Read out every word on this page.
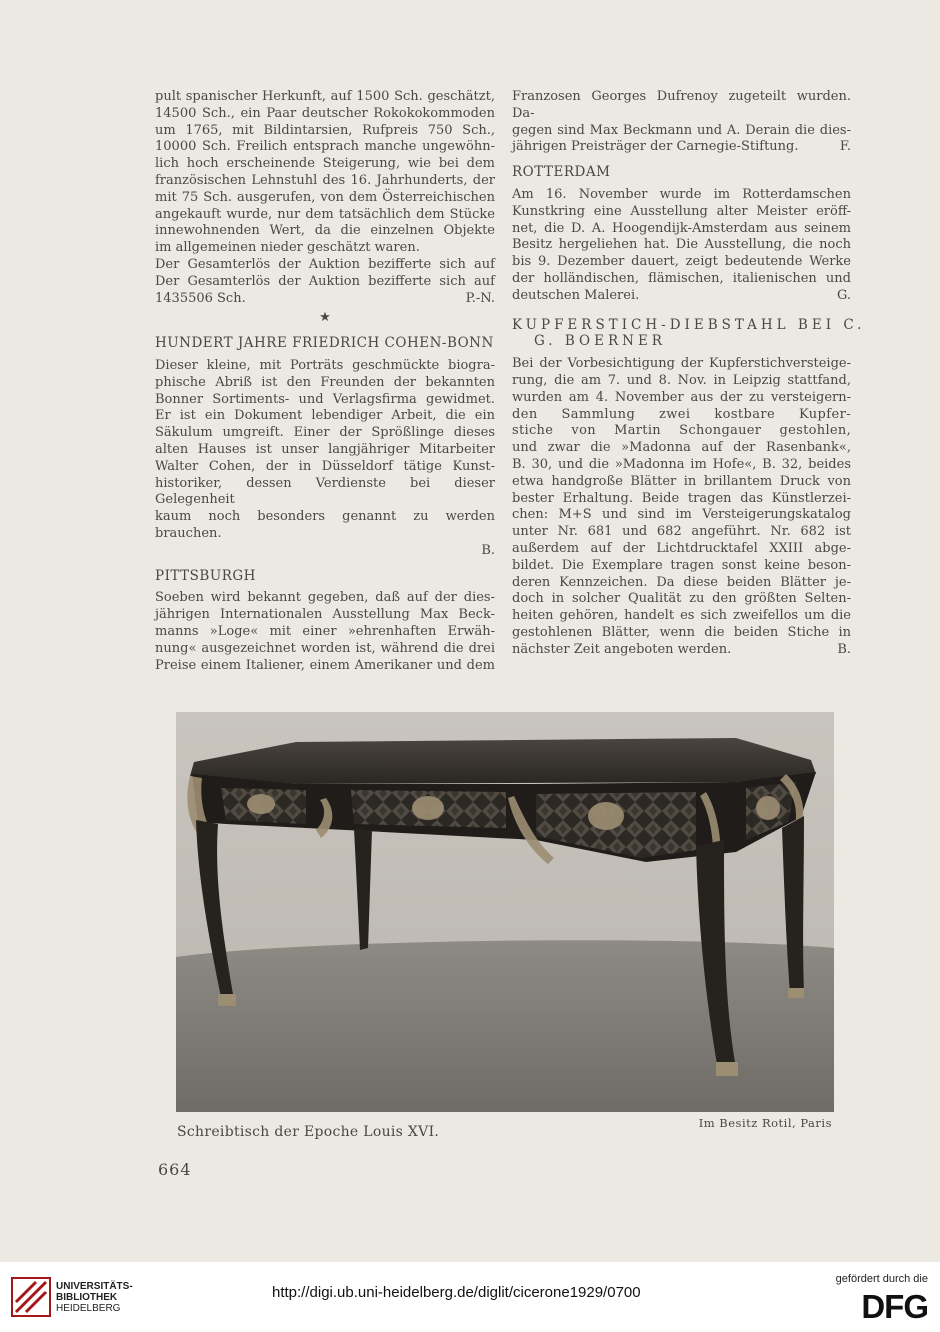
pult spanischer Herkunft, auf 1500 Sch. geschätzt,
14500 Sch., ein Paar deutscher Rokokokommoden
um 1765, mit Bildintarsien, Rufpreis 750 Sch.,
10000 Sch. Freilich entsprach manche ungewöhn-
lich hoch erscheinende Steigerung, wie bei dem
französischen Lehnstuhl des 16. Jahrhunderts, der
mit 75 Sch. ausgerufen, von dem Österreichischen
angekauft wurde, nur dem tatsächlich dem Stücke
innewohnenden Wert, da die einzelnen Objekte
im allgemeinen nieder geschätzt waren.
Der Gesamterlös der Auktion bezifferte sich auf
Der Gesamterlös der Auktion bezifferte sich auf
1435506 Sch.	P.-N.
★
HUNDERT JAHRE FRIEDRICH COHEN-BONN
Dieser kleine, mit Porträts geschmückte biogra-
phische Abriß ist den Freunden der bekannten
Bonner Sortiments- und Verlagsfirma gewidmet.
Er ist ein Dokument lebendiger Arbeit, die ein
Säkulum umgreift. Einer der Sprößlinge dieses
alten Hauses ist unser langjähriger Mitarbeiter
Walter Cohen, der in Düsseldorf tätige Kunst-
historiker, dessen Verdienste bei dieser Gelegenheit
kaum noch besonders genannt zu werden brauchen.
B.

PITTSBURGH
Soeben wird bekannt gegeben, daß auf der dies-
jährigen Internationalen Ausstellung Max Beck-
manns »Loge« mit einer »ehrenhaften Erwäh-
nung« ausgezeichnet worden ist, während die drei
Preise einem Italiener, einem Amerikaner und dem
Franzosen Georges Dufrenoy zugeteilt wurden. Da-
gegen sind Max Beckmann und A. Derain die dies-
jährigen Preisträger der Carnegie-Stiftung.	F.
ROTTERDAM
Am 16. November wurde im Rotterdamschen
Kunstkring eine Ausstellung alter Meister eröff-
net, die D. A. Hoogendijk-Amsterdam aus seinem
Besitz hergeliehen hat. Die Ausstellung, die noch
bis 9. Dezember dauert, zeigt bedeutende Werke
der holländischen, flämischen, italienischen und
deutschen Malerei.	G.
KUPFERSTICH-DIEBSTAHL BEI C.
G. BOERNER
Bei der Vorbesichtigung der Kupferstichversteige-
rung, die am 7. und 8. Nov. in Leipzig stattfand,
wurden am 4. November aus der zu versteigern-
den Sammlung zwei kostbare Kupfer-
stiche von Martin Schongauer gestohlen,
und zwar die »Madonna auf der Rasenbank«,
B. 30, und die »Madonna im Hofe«, B. 32, beides
etwa handgroße Blätter in brillantem Druck von
bester Erhaltung. Beide tragen das Künstlerzei-
chen: M+S und sind im Versteigerungskatalog
unter Nr. 681 und 682 angeführt. Nr. 682 ist
außerdem auf der Lichtdrucktafel XXIII abge-
bildet. Die Exemplare tragen sonst keine beson-
deren Kennzeichen. Da diese beiden Blätter je-
doch in solcher Qualität zu den größten Selten-
heiten gehören, handelt es sich zweifellos um die
gestohlenen Blätter, wenn die beiden Stiche in
nächster Zeit angeboten werden.	B.
Schreibtisch der Epoche Louis XVI.
Im Besitz Rotil, Paris
664
UNIVERSITÄTS-
BIBLIOTHEK
HEIDELBERG
http://digi.ub.uni-heidelberg.de/diglit/cicerone1929/0700
gefördert durch die
DFG
